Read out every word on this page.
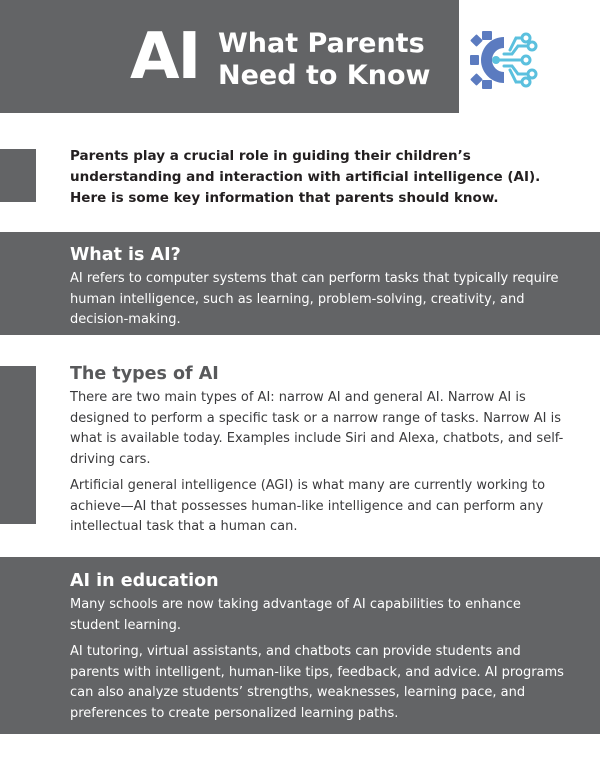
AI What Parents
Need to Know
Parents play a crucial role in guiding their children’s understanding and interaction with artificial intelligence (AI). Here is some key information that parents should know.
What is AI?

AI refers to computer systems that can perform tasks that typically require human intelligence, such as learning, problem-solving, creativity, and decision-making.

The types of AI

There are two main types of AI: narrow AI and general AI. Narrow AI is designed to perform a specific task or a narrow range of tasks. Narrow AI is what is available today. Examples include Siri and Alexa, chatbots, and self-driving cars.

Artificial general intelligence (AGI) is what many are currently working to achieve—AI that possesses human-like intelligence and can perform any intellectual task that a human can.

AI in education

Many schools are now taking advantage of AI capabilities to enhance student learning.

AI tutoring, virtual assistants, and chatbots can provide students and parents with intelligent, human-like tips, feedback, and advice. AI programs can also analyze students’ strengths, weaknesses, learning pace, and preferences to create personalized learning paths.
